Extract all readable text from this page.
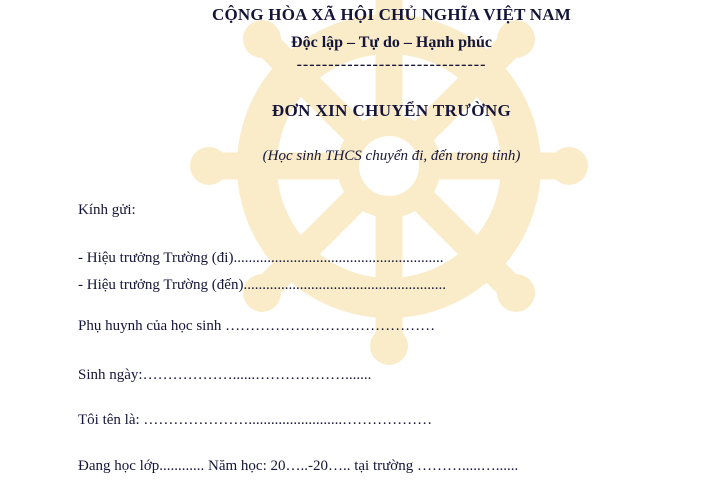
CỘNG HÒA XÃ HỘI CHỦ NGHĨA VIỆT NAM
Độc lập – Tự do – Hạnh phúc
------------------------------
ĐƠN XIN CHUYỂN TRƯỜNG
(Học sinh THCS chuyển đi, đến trong tỉnh)
Kính gửi:
- Hiệu trưởng Trường (đi)........................................................
- Hiệu trưởng Trường (đến)......................................................
Phụ huynh của học sinh ……………………………………
Sinh ngày:………………......……………….......
Tôi tên là: ………………….........................………………
Đang học lớp............ Năm học: 20…..-20….. tại trường ……….....…......
